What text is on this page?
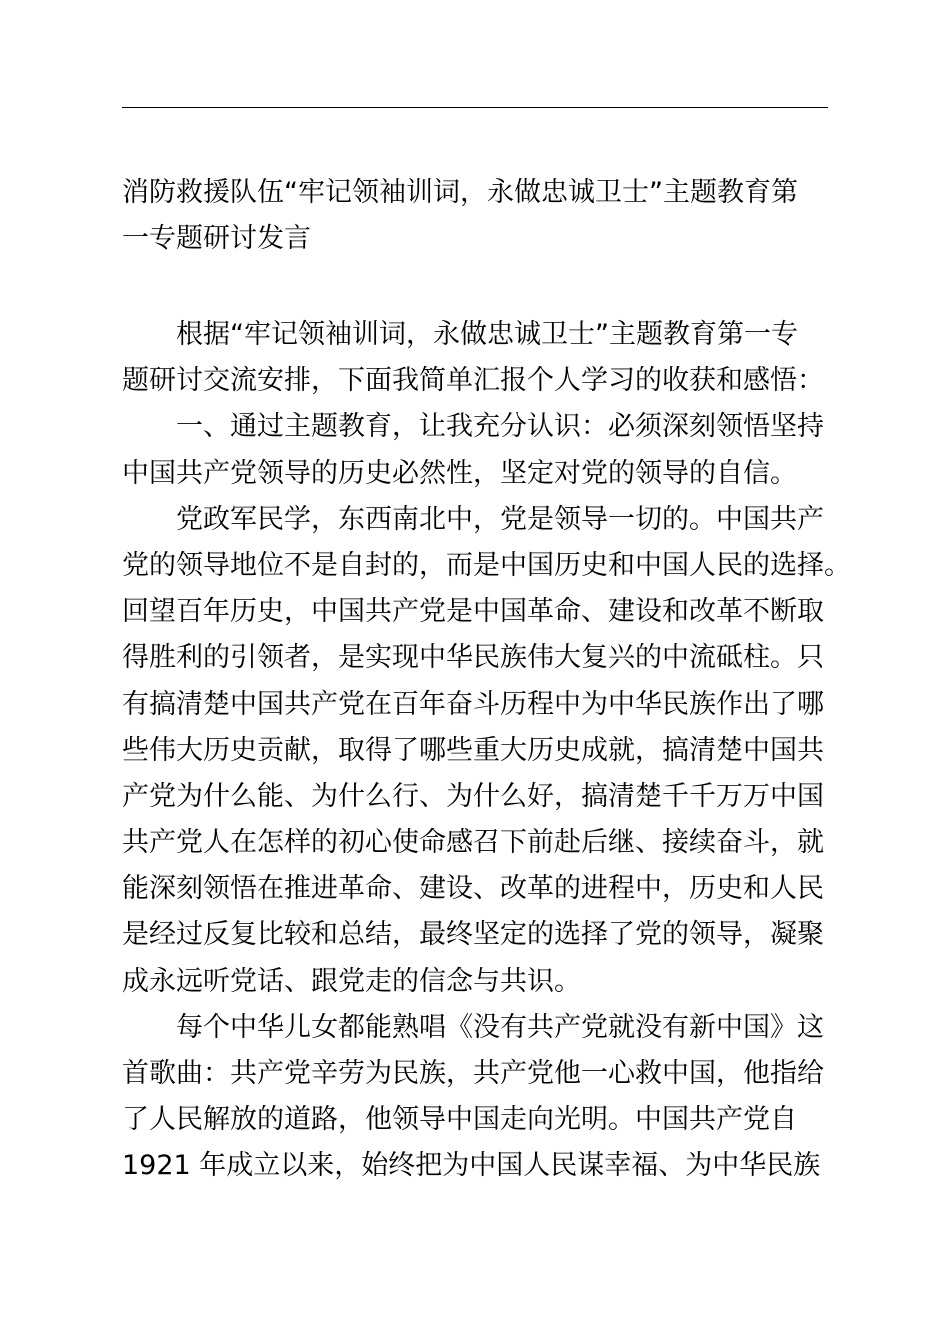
消防救援队伍“牢记领袖训词，永做忠诚卫士”主题教育第
一专题研讨发言
根据“牢记领袖训词，永做忠诚卫士”主题教育第一专
题研讨交流安排，下面我简单汇报个人学习的收获和感悟：
一、通过主题教育，让我充分认识：必须深刻领悟坚持
中国共产党领导的历史必然性，坚定对党的领导的自信。
党政军民学，东西南北中，党是领导一切的。中国共产
党的领导地位不是自封的，而是中国历史和中国人民的选择。
回望百年历史，中国共产党是中国革命、建设和改革不断取
得胜利的引领者，是实现中华民族伟大复兴的中流砥柱。只
有搞清楚中国共产党在百年奋斗历程中为中华民族作出了哪
些伟大历史贡献，取得了哪些重大历史成就，搞清楚中国共
产党为什么能、为什么行、为什么好，搞清楚千千万万中国
共产党人在怎样的初心使命感召下前赴后继、接续奋斗，就
能深刻领悟在推进革命、建设、改革的进程中，历史和人民
是经过反复比较和总结，最终坚定的选择了党的领导，凝聚
成永远听党话、跟党走的信念与共识。
每个中华儿女都能熟唱《没有共产党就没有新中国》这
首歌曲：共产党辛劳为民族，共产党他一心救中国，他指给
了人民解放的道路，他领导中国走向光明。中国共产党自
1921 年成立以来，始终把为中国人民谋幸福、为中华民族
